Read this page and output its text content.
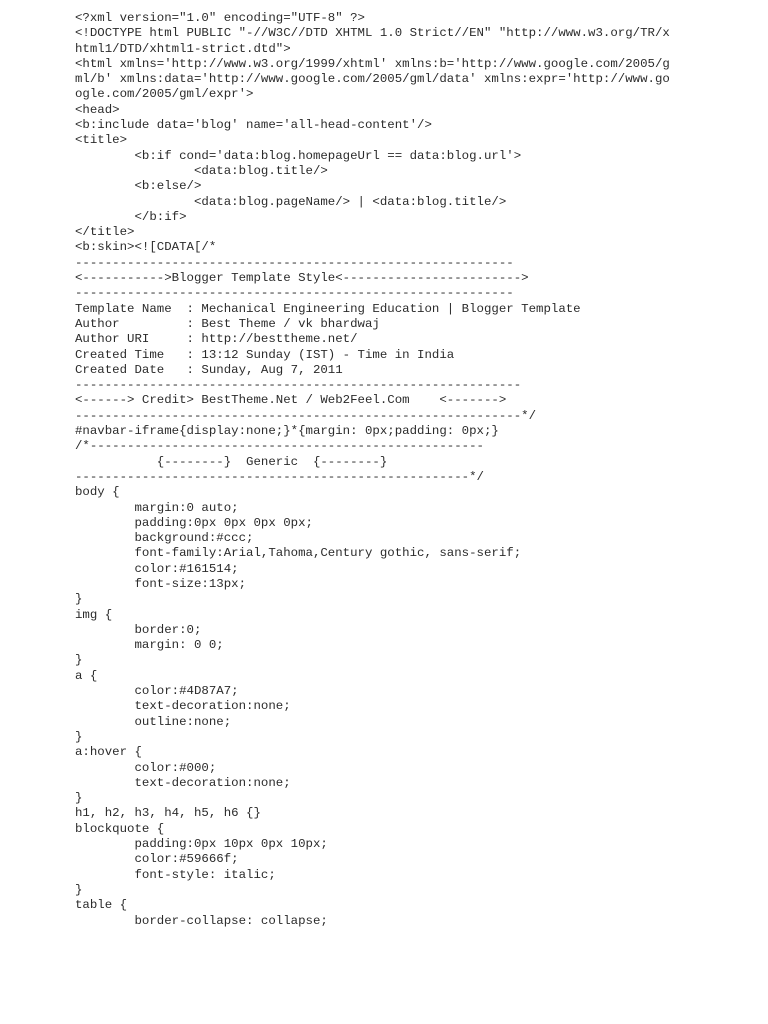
<?xml version="1.0" encoding="UTF-8" ?>
<!DOCTYPE html PUBLIC "-//W3C//DTD XHTML 1.0 Strict//EN" "http://www.w3.org/TR/x
html1/DTD/xhtml1-strict.dtd">
<html xmlns='http://www.w3.org/1999/xhtml' xmlns:b='http://www.google.com/2005/g
ml/b' xmlns:data='http://www.google.com/2005/gml/data' xmlns:expr='http://www.go
ogle.com/2005/gml/expr'>
<head>
<b:include data='blog' name='all-head-content'/>
<title>
<b:if cond='data:blog.homepageUrl == data:blog.url'>
<data:blog.title/>
<b:else/>
<data:blog.pageName/> | <data:blog.title/>
</b:if>
</title>
<b:skin><![CDATA[/*
-----------------------------------------------------------
<----------->Blogger Template Style<------------------------>
-----------------------------------------------------------
Template Name  : Mechanical Engineering Education | Blogger Template
Author         : Best Theme / vk bhardwaj
Author URI     : http://besttheme.net/
Created Time   : 13:12 Sunday (IST) - Time in India
Created Date   : Sunday, Aug 7, 2011
------------------------------------------------------------
<------> Credit> BestTheme.Net / Web2Feel.Com    <------->
------------------------------------------------------------*/
#navbar-iframe{display:none;}*{margin: 0px;padding: 0px;}
/*-----------------------------------------------------
{--------}  Generic  {--------}
-----------------------------------------------------*/
body {
margin:0 auto;
padding:0px 0px 0px 0px;
background:#ccc;
font-family:Arial,Tahoma,Century gothic, sans-serif;
color:#161514;
font-size:13px;
}
img {
border:0;
margin: 0 0;
}
a {
color:#4D87A7;
text-decoration:none;
outline:none;
}
a:hover {
color:#000;
text-decoration:none;
}
h1, h2, h3, h4, h5, h6 {}
blockquote {
padding:0px 10px 0px 10px;
color:#59666f;
font-style: italic;
}
table {
border-collapse: collapse;
